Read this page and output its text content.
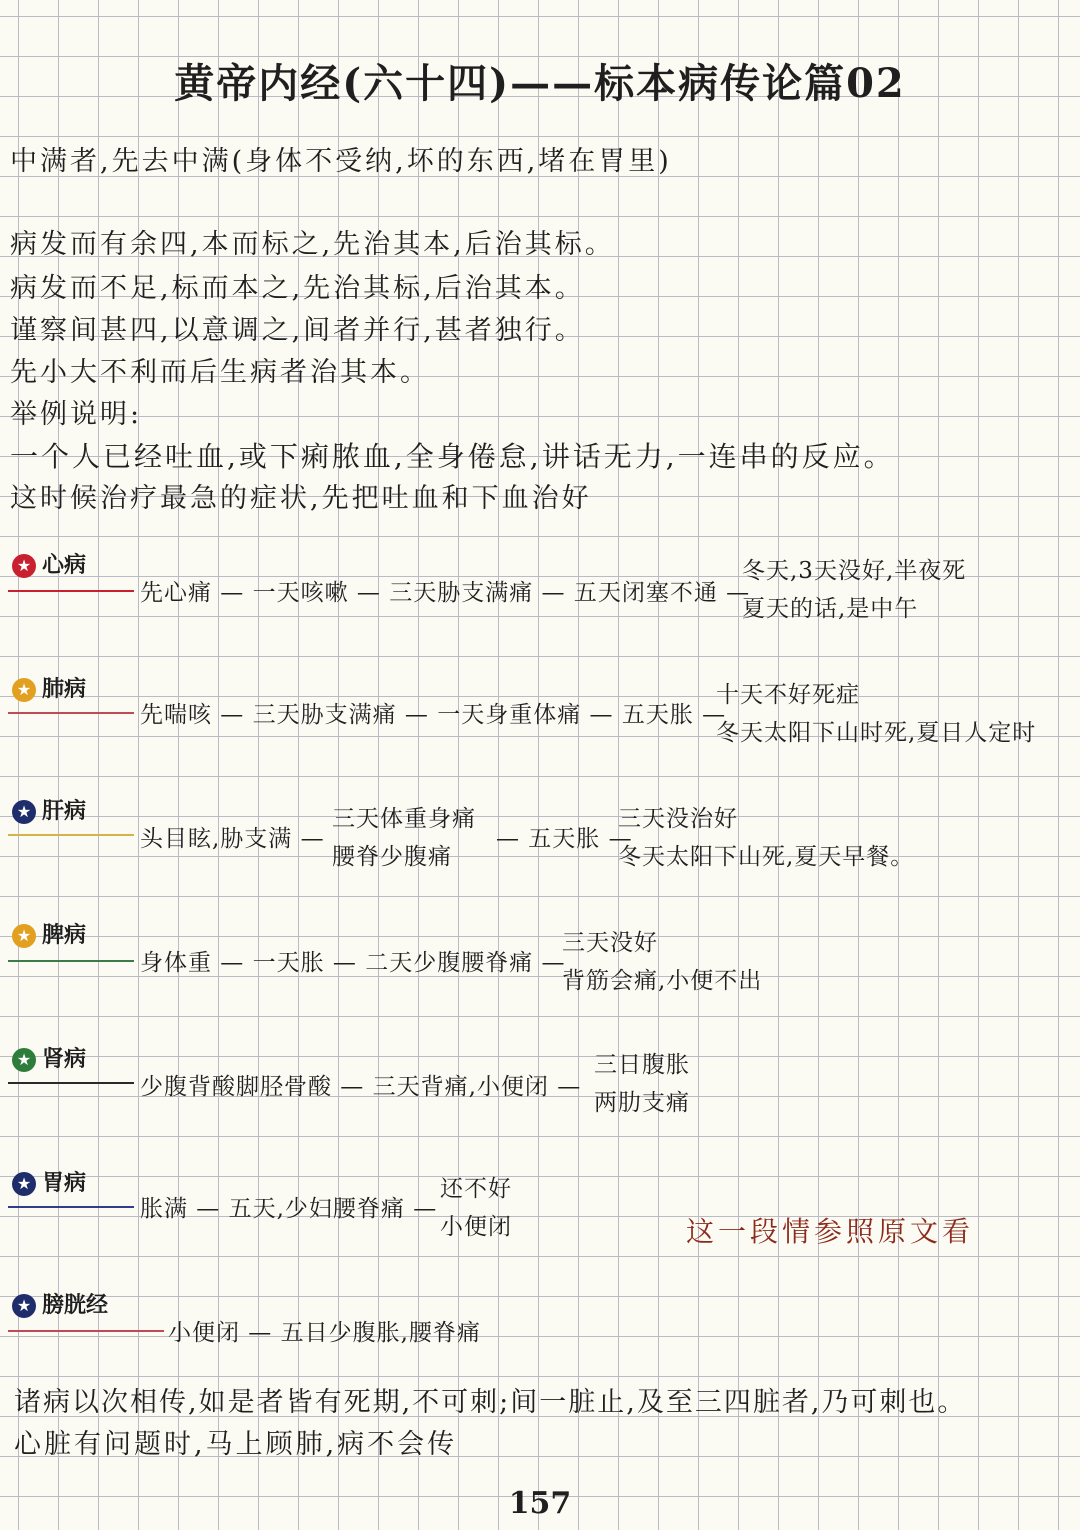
黄帝内经(六十四)——标本病传论篇02
中满者,先去中满(身体不受纳,坏的东西,堵在胃里)
病发而有余四,本而标之,先治其本,后治其标。
病发而不足,标而本之,先治其标,后治其本。
谨察间甚四,以意调之,间者并行,甚者独行。
先小大不利而后生病者治其本。
举例说明:
一个人已经吐血,或下痢脓血,全身倦怠,讲话无力,一连串的反应。
这时候治疗最急的症状,先把吐血和下血治好
★ 心病
先心痛 — 一天咳嗽 — 三天胁支满痛 — 五天闭塞不通 —
冬天,3天没好,半夜死
夏天的话,是中午
★ 肺病
先喘咳 — 三天胁支满痛 — 一天身重体痛 — 五天胀 —
十天不好死症
冬天太阳下山时死,夏日人定时
★ 肝病
头目眩,胁支满 —
三天体重身痛
腰脊少腹痛
— 五天胀 —
三天没治好
冬天太阳下山死,夏天早餐。
★ 脾病
身体重 — 一天胀 — 二天少腹腰脊痛 —
三天没好
背筋会痛,小便不出
★ 肾病
少腹背酸脚胫骨酸 — 三天背痛,小便闭 —
三日腹胀
两肋支痛
★ 胃病
胀满 — 五天,少妇腰脊痛 —
还不好
小便闭	这一段情参照原文看
★ 膀胱经
小便闭 — 五日少腹胀,腰脊痛
诸病以次相传,如是者皆有死期,不可刺;间一脏止,及至三四脏者,乃可刺也。
心脏有问题时,马上顾肺,病不会传
157
